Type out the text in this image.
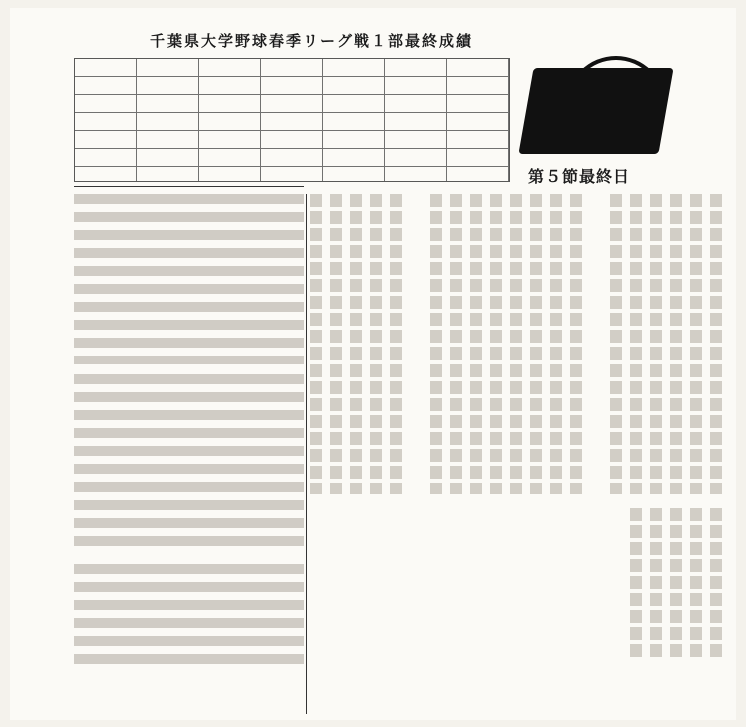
千葉県大学野球春季リーグ戦１部最終成績
第５節最終日
